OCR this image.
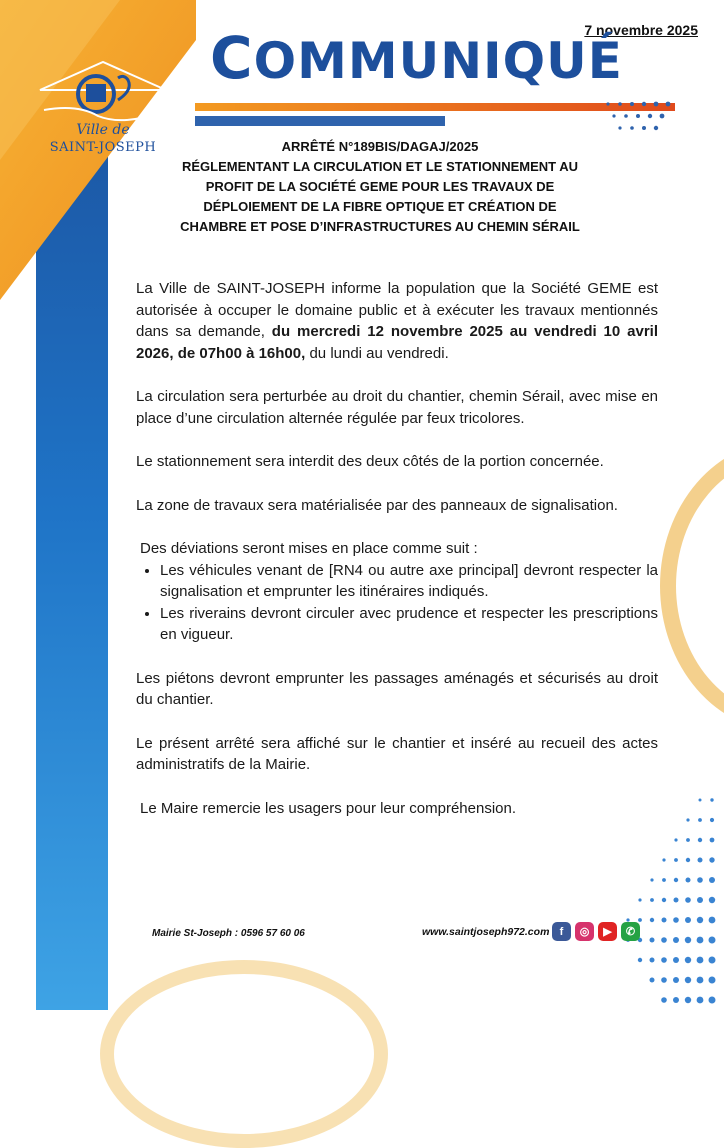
Ville de
SAINT-JOSEPH
7 novembre 2025
COMMUNIQUÉ
ARRÊTÉ N°189BIS/DAGAJ/2025
RÉGLEMENTANT LA CIRCULATION ET LE STATIONNEMENT AU
PROFIT DE LA SOCIÉTÉ GEME POUR LES TRAVAUX DE
DÉPLOIEMENT DE LA FIBRE OPTIQUE ET CRÉATION DE
CHAMBRE ET POSE D’INFRASTRUCTURES AU CHEMIN SÉRAIL

La Ville de SAINT-JOSEPH informe la population que la Société GEME est autorisée à occuper le domaine public et à exécuter les travaux mentionnés dans sa demande, du mercredi 12 novembre 2025 au vendredi 10 avril 2026, de 07h00 à 16h00, du lundi au vendredi.

La circulation sera perturbée au droit du chantier, chemin Sérail, avec mise en place d’une circulation alternée régulée par feux tricolores.

Le stationnement sera interdit des deux côtés de la portion concernée.

La zone de travaux sera matérialisée par des panneaux de signalisation.

Des déviations seront mises en place comme suit :
• Les véhicules venant de [RN4 ou autre axe principal] devront respecter la signalisation et emprunter les itinéraires indiqués.
• Les riverains devront circuler avec prudence et respecter les prescriptions en vigueur.

Les piétons devront emprunter les passages aménagés et sécurisés au droit du chantier.

Le présent arrêté sera affiché sur le chantier et inséré au recueil des actes administratifs de la Mairie.

Le Maire remercie les usagers pour leur compréhension.

Mairie St-Joseph : 0596 57 60 06	www.saintjoseph972.com f	◎	▶	✆
